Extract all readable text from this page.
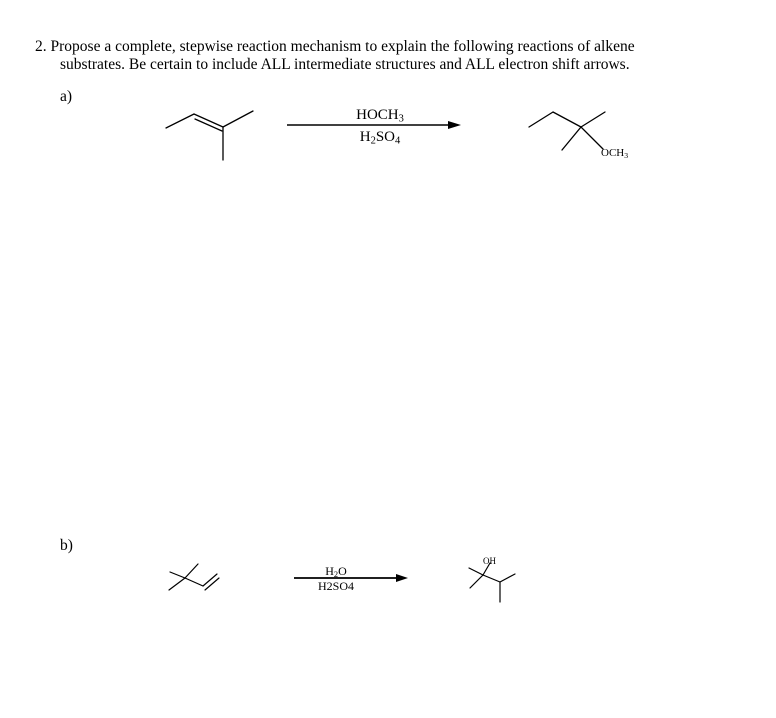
2. Propose a complete, stepwise reaction mechanism to explain the following reactions of alkene
substrates. Be certain to include ALL intermediate structures and ALL electron shift arrows.
a)
b)
$HOCH_3$
$H_2SO_4$
$OCH_3$
$H_2O$
H2SO4
OH
